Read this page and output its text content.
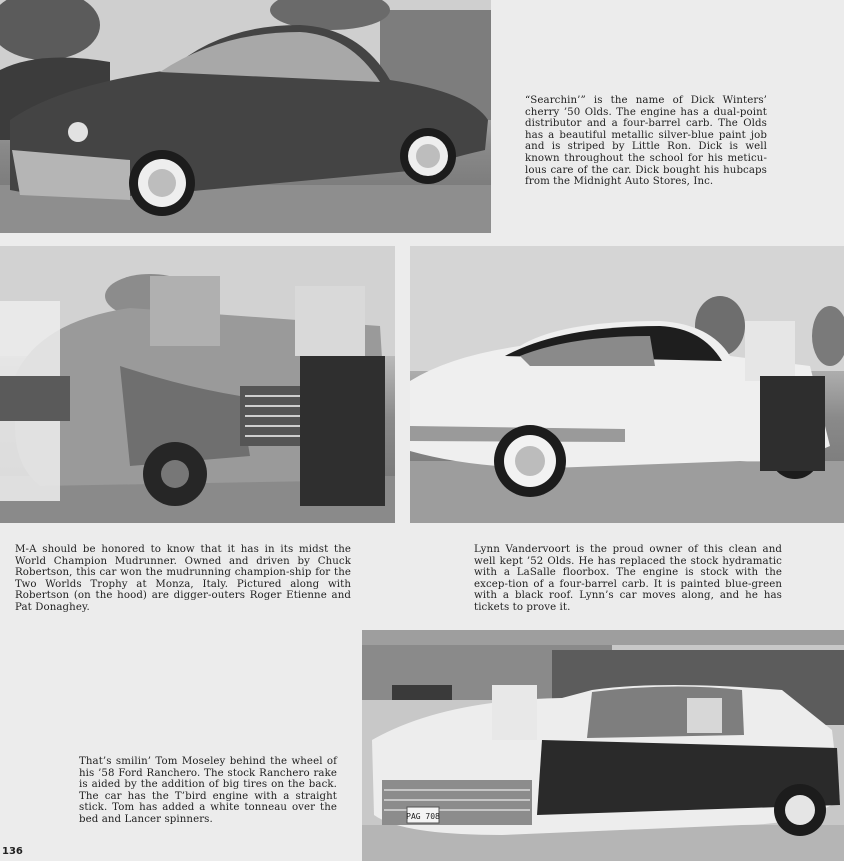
“Searchin’” is the name of Dick Winters’ cherry ’50 Olds. The engine has a dual-point distributor and a four-barrel carb. The Olds has a beautiful metallic silver-blue paint job and is striped by Little Ron. Dick is well known throughout the school for his meticu-lous care of the car. Dick bought his hubcaps from the Midnight Auto Stores, Inc.

M-A should be honored to know that it has in its midst the World Champion Mudrunner. Owned and driven by Chuck Robertson, this car won the mudrunning champion-ship for the Two Worlds Trophy at Monza, Italy. Pictured along with Robertson (on the hood) are digger-outers Roger Etienne and Pat Donaghey.

Lynn Vandervoort is the proud owner of this clean and well kept ’52 Olds. He has replaced the stock hydramatic with a LaSalle floorbox. The engine is stock with the excep-tion of a four-barrel carb. It is painted blue-green with a black roof. Lynn’s car moves along, and he has tickets to prove it.

PAG 708

That’s smilin’ Tom Moseley behind the wheel of his ’58 Ford Ranchero. The stock Ranchero rake is aided by the addition of big tires on the back. The car has the T’bird engine with a straight stick. Tom has added a white tonneau over the bed and Lancer spinners.

136
